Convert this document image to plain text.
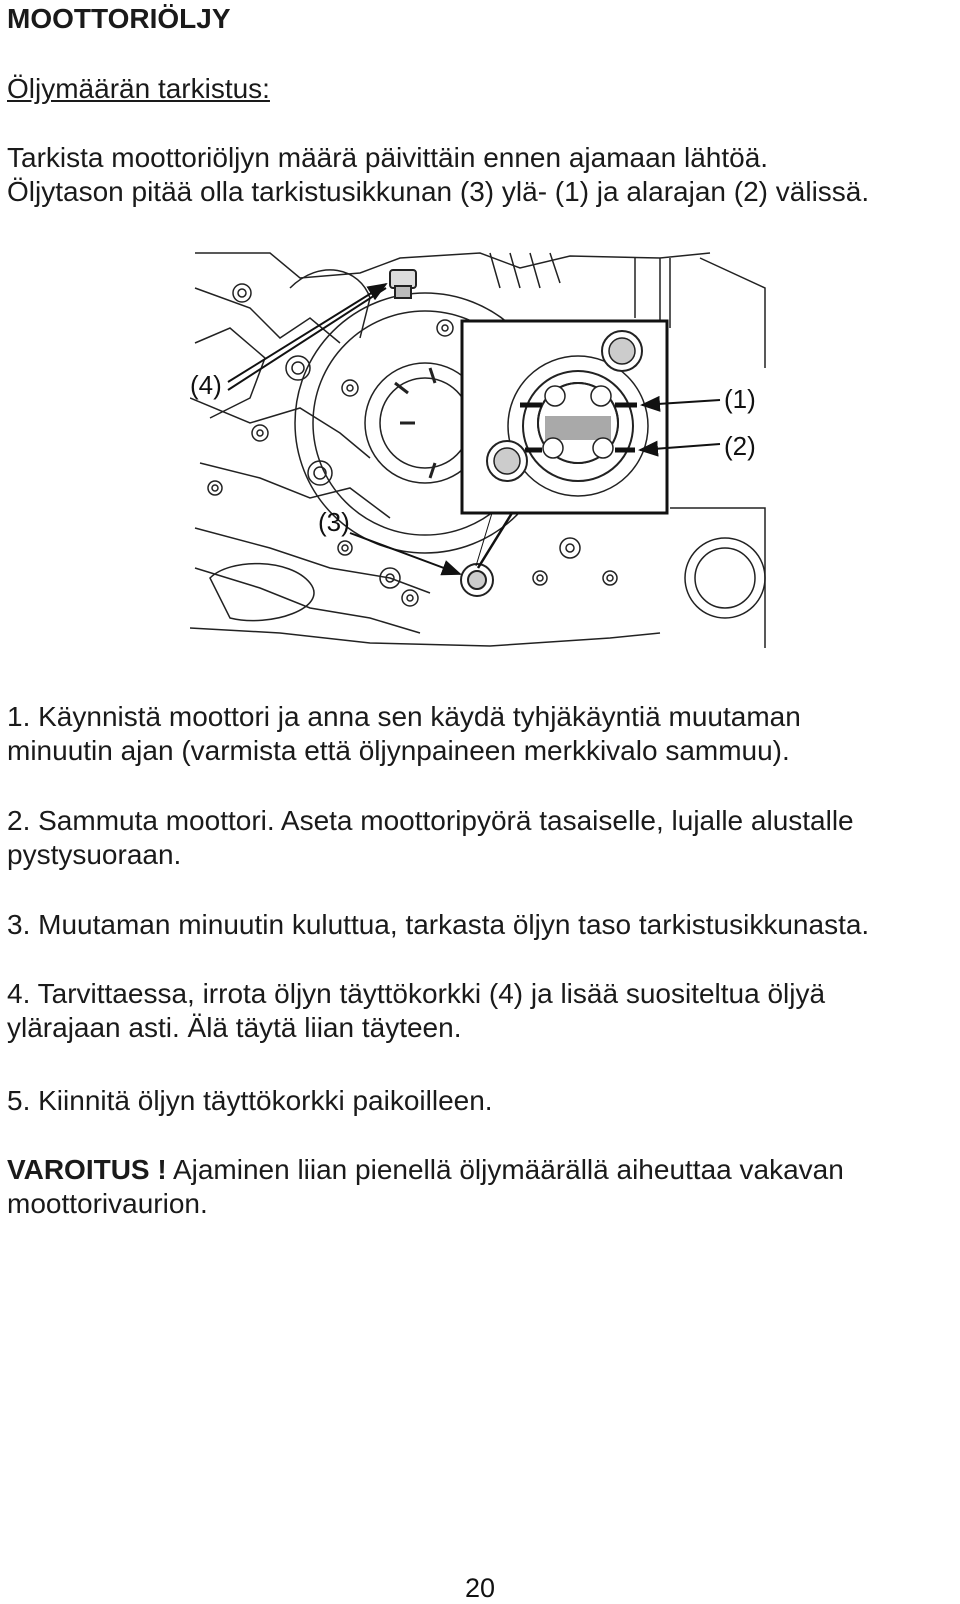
MOOTTORIÖLJY
Öljymäärän tarkistus:
Tarkista moottoriöljyn määrä päivittäin ennen ajamaan lähtöä.
Öljytason pitää olla tarkistusikkunan (3) ylä- (1) ja alarajan (2) välissä.
(4)	(1)
(2)
(3)
1. Käynnistä moottori ja anna sen käydä tyhjäkäyntiä muutaman
minuutin ajan (varmista että öljynpaineen merkkivalo sammuu).
2. Sammuta moottori. Aseta moottoripyörä tasaiselle, lujalle alustalle
pystysuoraan.
3. Muutaman minuutin kuluttua, tarkasta öljyn taso tarkistusikkunasta.
4. Tarvittaessa, irrota öljyn täyttökorkki (4) ja lisää suositeltua öljyä
ylärajaan asti. Älä täytä liian täyteen.
5. Kiinnitä öljyn täyttökorkki paikoilleen.
VAROITUS ! Ajaminen liian pienellä öljymäärällä aiheuttaa vakavan
moottorivaurion.
20
